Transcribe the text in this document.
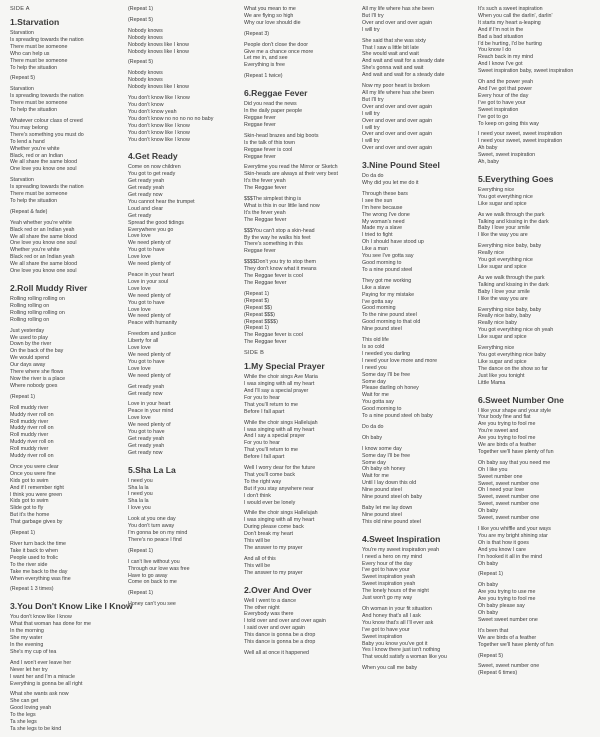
SIDE A
1.Starvation
Starvation
Is spreading towards the nation
There must be someone
Who can help us
There must be someone
To help the situation
(Repeat 5)
Starvation
Is spreading towards the nation
There must be someone
To help the situation
Whatever colour class of creed
You may belong
There's something you must do
To lend a hand
Whether you're white
Black, red or an Indian
We all share the same blood
One love you know one soul
Starvation
Is spreading towards the nation
There must be someone
To help the situation
(Repeat & fade)
Yeah whether you're white
Black red or an Indian yeah
We all share the same blood
One love you know one soul
Whether you're white
Black red or an Indian yeah
We all share the same blood
One love you know one soul
2.Roll Muddy River
Rolling rolling rolling on
Rolling rolling on
Rolling rolling rolling on
Rolling rolling on
Just yesterday
We used to play
Down by the river
On the back of the bay
We would spend
Our days away
There where she flows
Now the river is a place
Where nobody goes
(Repeat 1)
Roll muddy river
Muddy river roll on
Roll muddy river
Muddy river roll on
Roll muddy river
Muddy river roll on
Roll muddy river
Muddy river roll on
Once you were clear
Once you were fine
Kids got to swim
And if I remember right
I think you were green
Kids got to swim
Slide got to fly
But it's the home
That garbage gives by
(Repeat 1)
River turn back the time
Take it back to when
People used to frolic
To the river side
Take me back to the day
When everything was fine
(Repeat 1 3 times)
3.You Don't Know Like I Know
You don't know like I know
What that woman has done for me
In the morning
She my water
In the evening
She's my cup of tea
And I won't ever leave her
Never let her try
I want her and I'm a miracle
Everything is gonna be all right
What she wants ask now
She can get
Good loving yeah
To the legs
Ta she legs
Ta she legs to be kind
(Repeat 1)
(Repeat 5)
Nobody knows
Nobody knows
Nobody knows like I know
Nobody knows like I know
(Repeat 5)
Nobody knows
Nobody knows
Nobody knows like I know
You don't know like I know
You don't know
You don't know yeah
You don't know no no no no no baby
You don't know like I know
You don't know like I know
You don't know like I know
4.Get Ready
Come on now children
You got to get ready
Get ready yeah
Get ready yeah
Get ready now
You cannot hear the trumpet
Loud and clear
Get ready
Spread the good tidings
Everywhere you go
Love love
We need plenty of
You got to have
Love love
We need plenty of
Peace in your heart
Love in your soul
Love love
We need plenty of
You got to have
Love love
We need plenty of
Peace with humanity
Freedom and justice
Liberty for all
Love love
We need plenty of
You got to have
Love love
We need plenty of
Get ready yeah
Get ready now
Love in your heart
Peace in your mind
Love love
We need plenty of
You got to have
Get ready yeah
Get ready yeah
Get ready now
5.Sha La La
I need you
Sha la la
I need you
Sha la la
I love you
Look at you one day
You don't turn away
I'm gonna be on my mind
There's no peace I find
(Repeat 1)
I can't live without you
Through our love was free
Have to go away
Come on back to me
(Repeat 1)
Honey can't you see
What you mean to me
We are flying so high
Why our love should die
(Repeat 3)
People don't close the door
Give me a chance once more
Let me in, and see
Everything is free
(Repeat 1 twice)
6.Reggae Fever
Did you read the news
In the daily paper people
Reggae fever
Reggae fever
Skin-head brazes and big boots
Is the talk of this town
Reggae fever is cool
Reggae fever
Everytime you read the Mirror or Sketch
Skin-heads are always at their very best
It's the fever yeah
The Reggae fever
$$$The simplest thing is
What is this in our little land now
It's the fever yeah
The Reggae fever
$$$You can't stop a skin-head
By the way he walks his feet
There's something in this
Reggae fever
$$$$Don't you try to stop them
They don't know what it means
The Reggae fever is cool
The Reggae fever
(Repeat 1)
(Repeat $)
(Repeat $$)
(Repeat $$$)
(Repeat $$$$)
(Repeat 1)
The Reggae fever is cool
The Reggae fever
SIDE B
1.My Special Prayer
While the choir sings Ave Maria
I was singing with all my heart
And I'll say a special prayer
For you to hear
That you'll return to me
Before I fall apart
While the choir sings Hallelujah
I was singing with all my heart
And I say a special prayer
For you to hear
That you'll return to me
Before I fall apart
Well I worry dear for the future
That you'll come back
To the right way
But if you stay anywhere near
I don't think
I would ever be lonely
While the choir sings Hallelujah
I was singing with all my heart
During please come back
Don't break my heart
This will be
The answer to my prayer
And all of this
This will be
The answer to my prayer
2.Over And Over
Well I went to a dance
The other night
Everybody was there
I told over and over and over again
I said over and over again
This dance is gonna be a drop
This dance is gonna be a drop
Well all at once it happened
All my life where has she been
But I'll try
Over and over and over again
I will try
She said that she was sixty
That I saw a little bit late
She would wait and wait
And wait and wait for a steady date
She's gonna wait and wait
And wait and wait for a steady date
Now my poor heart is broken
All my life where has she been
But I'll try
Over and over and over again
I will try
Over and over and over again
I will try
Over and over and over again
I will try
Over and over and over again
3.Nine Pound Steel
Do da do
Why did you let me do it
Through these bars
I see the sun
I'm here because
The wrong I've done
My woman's need
Made my a slave
I tried to fight
Oh I should have stood up
Like a man
You see I've gotta say
Good morning to
To a nine pound steel
They got me working
Like a slave
Paying for my mistake
I've gotta say
Good morning
To the nine pound steel
Good morning to that old
Nine pound steel
This old life
Is so cold
I needed you darling
I need your love more and more
I need you
Some day I'll be free
Some day
Please darling oh honey
Wait for me
You gotta say
Good morning to
To a nine pound steel oh baby
Do da do
Oh baby
I know some day
Some day I'll be free
Some day
Oh baby oh honey
Wait for me
Until I lay down this old
Nine pound steel
Nine pound steel oh baby
Baby let me lay down
Nine pound steel
This old nine pound steel
4.Sweet Inspiration
You're my sweet inspiration yeah
I need a hero on my mind
Every hour of the day
I've got to have your
Sweet inspiration yeah
Sweet inspiration yeah
The lonely hours of the night
Just won't go my way
Oh woman in your fit situation
And honey that's all I ask
You know that's all I'll ever ask
I've got to have your
Sweet inspiration
Baby you know you've got it
Yes I know there just isn't nothing
That would satisfy a woman like you
When you call me baby
It's such a sweet inspiration
When you call the darlin', darlin'
It starts my heart a-leaping
And if I'm not in the
Bad a bad situation
I'd be hurting, I'd be hurting
You know I do
Reach back in my mind
And I know I've got
Sweet inspiration baby, sweet inspiration
Oh and the power yeah
And I've got that power
Every hour of the day
I've got to have your
Sweet inspiration
I've got to go
To keep on going this way
I need your sweet, sweet inspiration
I need your sweet, sweet inspiration
Ah baby
Sweet, sweet inspiration
Ah, baby
5.Everything Goes
Everything nice
You got everything nice
Like sugar and spice
As we walk through the park
Talking and kissing in the dark
Baby I love your smile
I like the way you are
Everything nice baby, baby
Really nice
You got everything nice
Like sugar and spice
As we walk through the park
Talking and kissing in the dark
Baby I love your smile
I like the way you are
Everything nice baby, baby
Really nice baby, baby
Really nice baby
You got everything nice oh yeah
Like sugar and spice
Everything nice
You got everything nice baby
Like sugar and spice
The dance on the show so far
Just like you tonight
Little Mama
6.Sweet Number One
I like your shape and your style
Your body fine and flat
Are you trying to fool me
You're sweet and
Are you trying to fool me
We are birds of a feather
Together we'll have plenty of fun
Oh baby say that you need me
Oh I like you
Sweet number one
Sweet, sweet number one
Oh I need your love
Sweet, sweet number one
Sweet, sweet number one
Oh baby
Sweet, sweet number one
I like you whiffle and your ways
You are my bright shining star
Oh is that how it goes
And you know I care
I'm hooked it all in the mind
Oh baby
(Repeat 1)
Oh baby
Are you trying to use me
Are you trying to fool me
Oh baby please say
Oh baby
Sweet sweet number one
It's been that
We are birds of a feather
Together we'll have plenty of fun
(Repeat 5)
Sweet, sweet number one
(Repeat 6 times)
